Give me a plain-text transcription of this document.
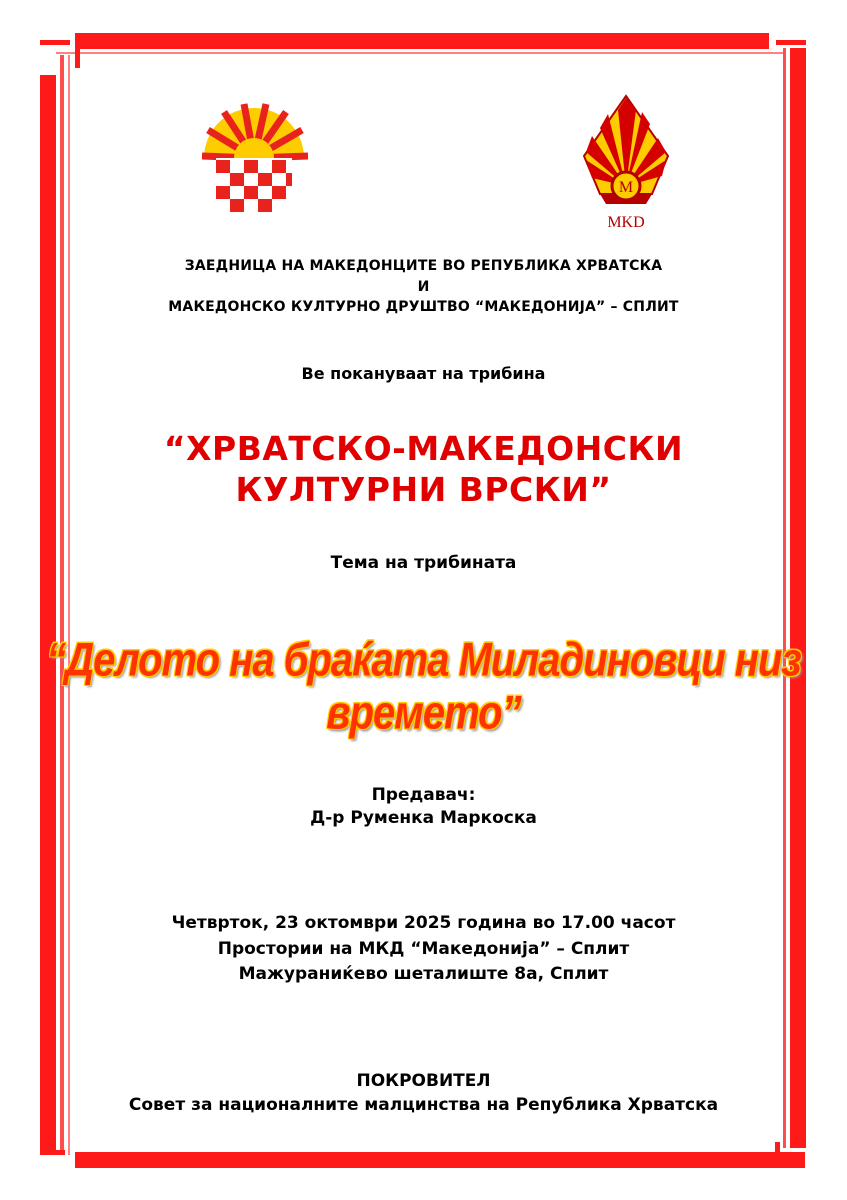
M
MKD
ЗАЕДНИЦА НА МАКЕДОНЦИТЕ ВО РЕПУБЛИКА ХРВАТСКА
И
МАКЕДОНСКО КУЛТУРНО ДРУШТВО “МАКЕДОНИЈА” – СПЛИТ
Ве покануваат на трибина
“ХРВАТСКО-МАКЕДОНСКИ
КУЛТУРНИ ВРСКИ”
Тема на трибината
“Делото на браќата Миладиновци низ времето”
Предавач:
Д-р Руменка Маркоска
Четврток, 23 октомври 2025 година во 17.00 часот
Простории на МКД “Македонија” – Сплит
Мажураниќево шеталиште 8а, Сплит
ПОКРОВИТЕЛ
Совет за националните малцинства на Република Хрватска
